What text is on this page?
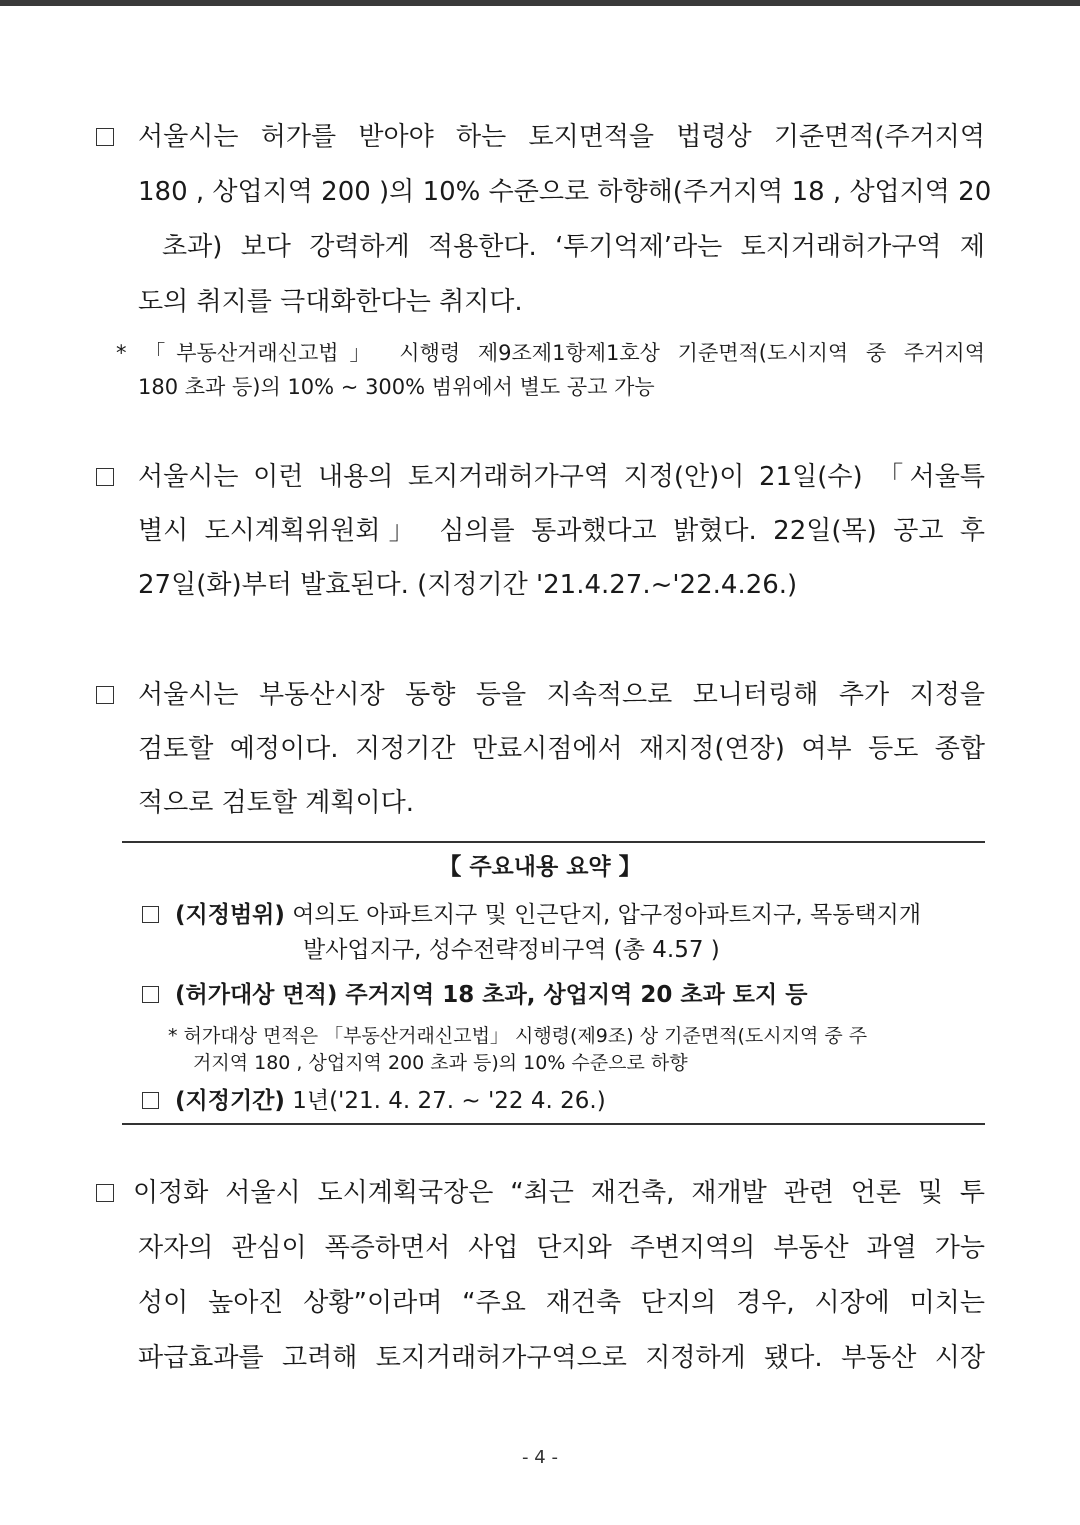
서울시는 허가를 받아야 하는 토지면적을 법령상 기준면적(주거지역
180 , 상업지역 200 )의 10% 수준으로 하향해(주거지역 18 , 상업지역 20
초과) 보다 강력하게 적용한다. ‘투기억제’라는 토지거래허가구역 제
도의 취지를 극대화한다는 취지다.
* 「부동산거래신고법」 시행령 제9조제1항제1호상 기준면적(도시지역 중 주거지역
180 초과 등)의 10% ~ 300% 범위에서 별도 공고 가능
서울시는 이런 내용의 토지거래허가구역 지정(안)이 21일(수) 「서울특
별시 도시계획위원회」 심의를 통과했다고 밝혔다. 22일(목) 공고 후
27일(화)부터 발효된다. (지정기간 '21.4.27.~'22.4.26.)
서울시는 부동산시장 동향 등을 지속적으로 모니터링해 추가 지정을
검토할 예정이다. 지정기간 만료시점에서 재지정(연장) 여부 등도 종합
적으로 검토할 계획이다.
【 주요내용 요약 】
(지정범위) 여의도 아파트지구 및 인근단지, 압구정아파트지구, 목동택지개
발사업지구, 성수전략정비구역 (총 4.57 )
(허가대상 면적) 주거지역 18 초과, 상업지역 20 초과 토지 등
* 허가대상 면적은 「부동산거래신고법」 시행령(제9조) 상 기준면적(도시지역 중 주
거지역 180 , 상업지역 200 초과 등)의 10% 수준으로 하향
(지정기간) 1년('21. 4. 27. ~ '22 4. 26.)
이정화 서울시 도시계획국장은 “최근 재건축, 재개발 관련 언론 및 투
자자의 관심이 폭증하면서 사업 단지와 주변지역의 부동산 과열 가능
성이 높아진 상황”이라며 “주요 재건축 단지의 경우, 시장에 미치는
파급효과를 고려해 토지거래허가구역으로 지정하게 됐다. 부동산 시장
- 4 -
